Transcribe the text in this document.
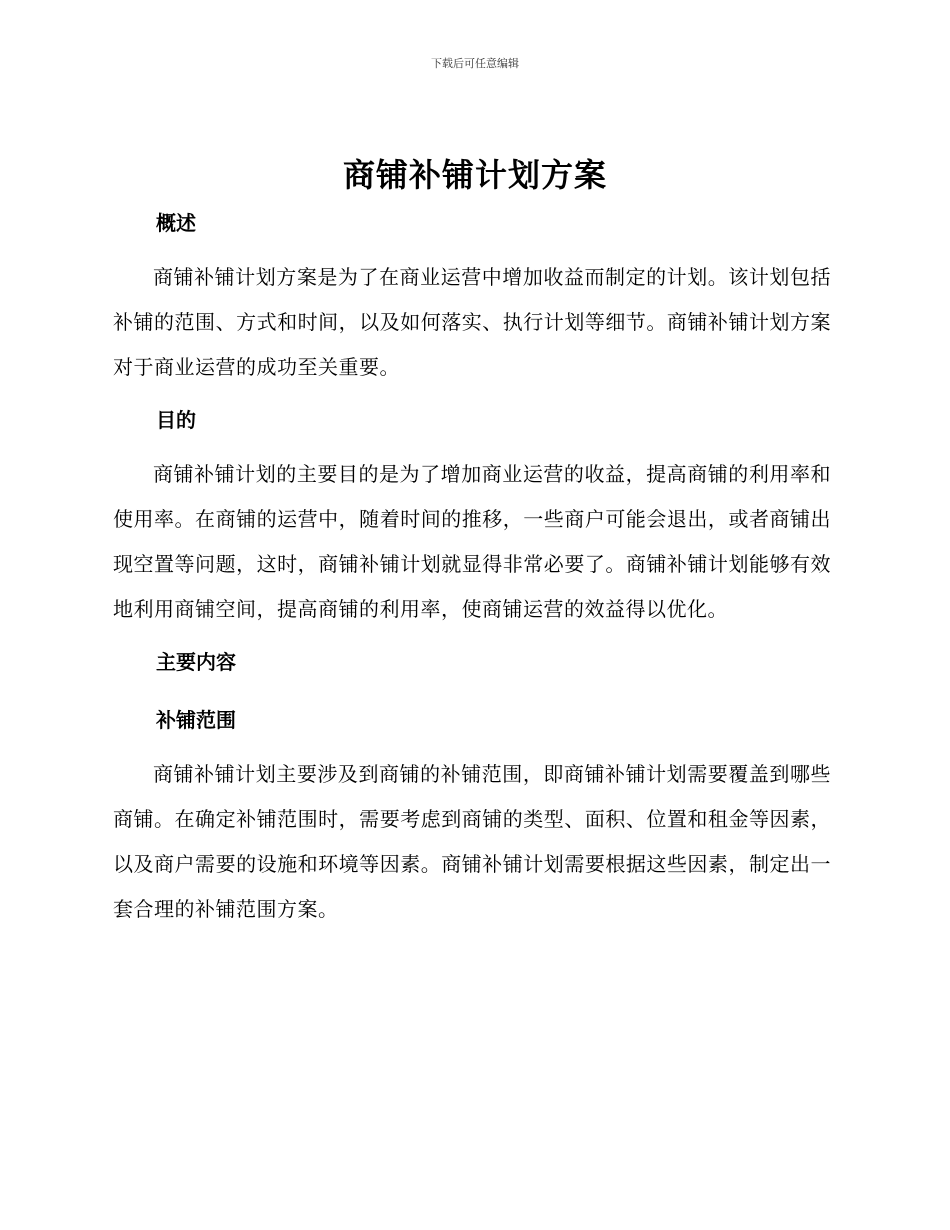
下载后可任意编辑
商铺补铺计划方案
概述

商铺补铺计划方案是为了在商业运营中增加收益而制定的计划。该计划包括补铺的范围、方式和时间，以及如何落实、执行计划等细节。商铺补铺计划方案对于商业运营的成功至关重要。

目的

商铺补铺计划的主要目的是为了增加商业运营的收益，提高商铺的利用率和使用率。在商铺的运营中，随着时间的推移，一些商户可能会退出，或者商铺出现空置等问题，这时，商铺补铺计划就显得非常必要了。商铺补铺计划能够有效地利用商铺空间，提高商铺的利用率，使商铺运营的效益得以优化。

主要内容
补铺范围

商铺补铺计划主要涉及到商铺的补铺范围，即商铺补铺计划需要覆盖到哪些商铺。在确定补铺范围时，需要考虑到商铺的类型、面积、位置和租金等因素，以及商户需要的设施和环境等因素。商铺补铺计划需要根据这些因素，制定出一套合理的补铺范围方案。
